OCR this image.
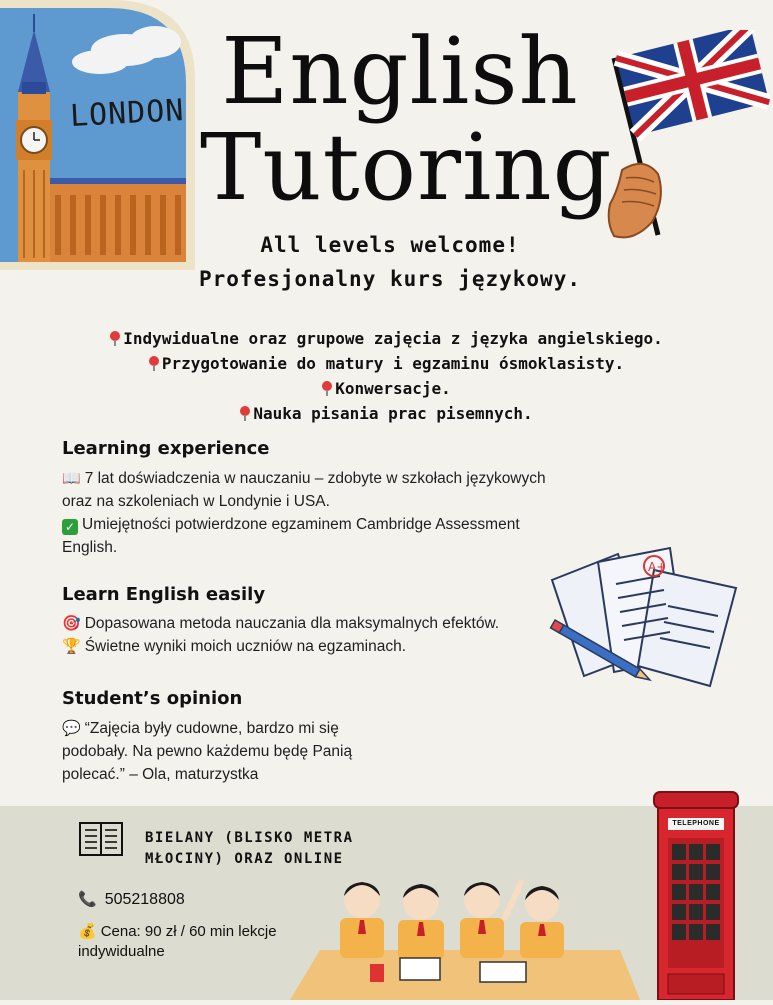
LONDON English
Tutoring
All levels welcome!
Profesjonalny kurs językowy.
Indywidualne oraz grupowe zajęcia z języka angielskiego.
Przygotowanie do matury i egzaminu ósmoklasisty.
Konwersacje.
Nauka pisania prac pisemnych.
Learning experience
📖 7 lat doświadczenia w nauczaniu – zdobyte w szkołach językowych
oraz na szkoleniach w Londynie i USA.
✓ Umiejętności potwierdzone egzaminem Cambridge Assessment
English.
A+
Learn English easily
🎯 Dopasowana metoda nauczania dla maksymalnych efektów.
🏆 Świetne wyniki moich uczniów na egzaminach.
Student’s opinion
💬 “Zajęcia były cudowne, bardzo mi się
podobały. Na pewno każdemu będę Panią
polecać.” – Ola, maturzystka
BIELANY (BLISKO METRA MŁOCINY) ORAZ ONLINE
📞 505218808
💰 Cena: 90 zł / 60 min lekcje indywidualne
TELEPHONE
